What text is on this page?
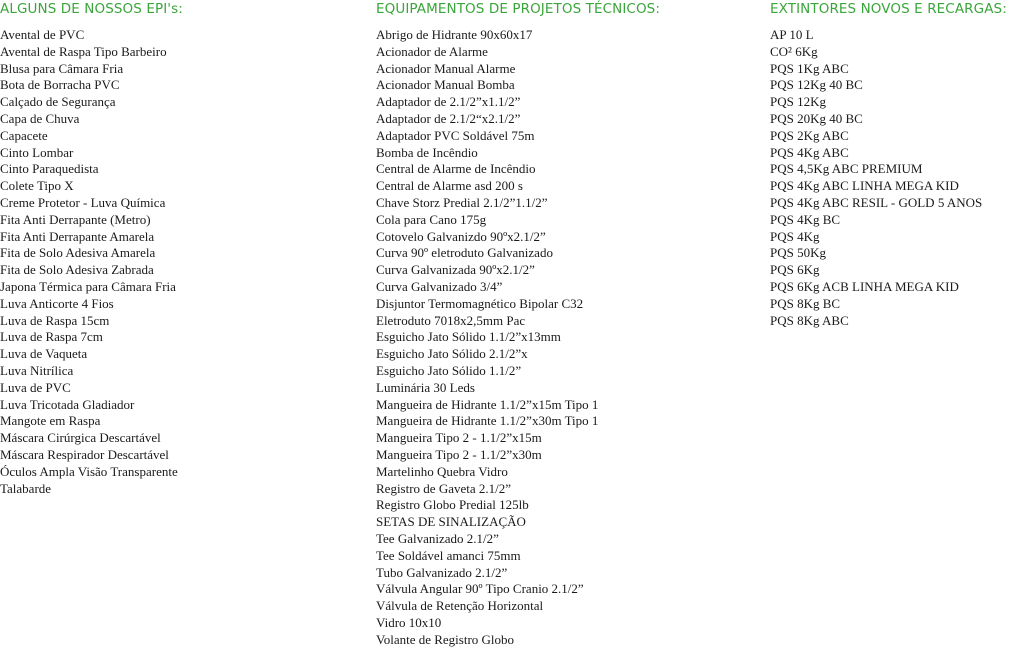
ALGUNS DE NOSSOS EPI's:
Avental de PVC
Avental de Raspa Tipo Barbeiro
Blusa para Câmara Fria
Bota de Borracha PVC
Calçado de Segurança
Capa de Chuva
Capacete
Cinto Lombar
Cinto Paraquedista
Colete Tipo X
Creme Protetor - Luva Química
Fita Anti Derrapante (Metro)
Fita Anti Derrapante Amarela
Fita de Solo Adesiva Amarela
Fita de Solo Adesiva Zabrada
Japona Térmica para Câmara Fria
Luva Anticorte 4 Fios
Luva de Raspa 15cm
Luva de Raspa 7cm
Luva de Vaqueta
Luva Nitrílica
Luva de PVC
Luva Tricotada Gladiador
Mangote em Raspa
Máscara Cirúrgica Descartável
Máscara Respirador Descartável
Óculos Ampla Visão Transparente
Talabarde
EQUIPAMENTOS DE PROJETOS TÉCNICOS:
Abrigo de Hidrante 90x60x17
Acionador de Alarme
Acionador Manual Alarme
Acionador Manual Bomba
Adaptador de 2.1/2”x1.1/2”
Adaptador de 2.1/2“x2.1/2”
Adaptador PVC Soldável 75m
Bomba de Incêndio
Central de Alarme de Incêndio
Central de Alarme asd 200 s
Chave Storz Predial 2.1/2”1.1/2”
Cola para Cano 175g
Cotovelo Galvanizdo 90ºx2.1/2”
Curva 90º eletroduto Galvanizado
Curva Galvanizada 90ºx2.1/2”
Curva Galvanizado 3/4”
Disjuntor Termomagnético Bipolar C32
Eletroduto 7018x2,5mm Pac
Esguicho Jato Sólido 1.1/2”x13mm
Esguicho Jato Sólido 2.1/2”x
Esguicho Jato Sólido 1.1/2”
Luminária 30 Leds
Mangueira de Hidrante 1.1/2”x15m Tipo 1
Mangueira de Hidrante 1.1/2”x30m Tipo 1
Mangueira Tipo 2 - 1.1/2”x15m
Mangueira Tipo 2 - 1.1/2”x30m
Martelinho Quebra Vidro
Registro de Gaveta 2.1/2”
Registro Globo Predial 125lb
SETAS DE SINALIZAÇÃO
Tee Galvanizado 2.1/2”
Tee Soldável amanci 75mm
Tubo Galvanizado 2.1/2”
Válvula Angular 90º Tipo Cranio 2.1/2”
Válvula de Retenção Horizontal
Vidro 10x10
Volante de Registro Globo
EXTINTORES NOVOS E RECARGAS:
AP 10 L
CO² 6Kg
PQS 1Kg ABC
PQS 12Kg 40 BC
PQS 12Kg
PQS 20Kg 40 BC
PQS 2Kg ABC
PQS 4Kg ABC
PQS 4,5Kg ABC PREMIUM
PQS 4Kg ABC LINHA MEGA KID
PQS 4Kg ABC RESIL - GOLD 5 ANOS
PQS 4Kg BC
PQS 4Kg
PQS 50Kg
PQS 6Kg
PQS 6Kg ACB LINHA MEGA KID
PQS 8Kg BC
PQS 8Kg ABC
